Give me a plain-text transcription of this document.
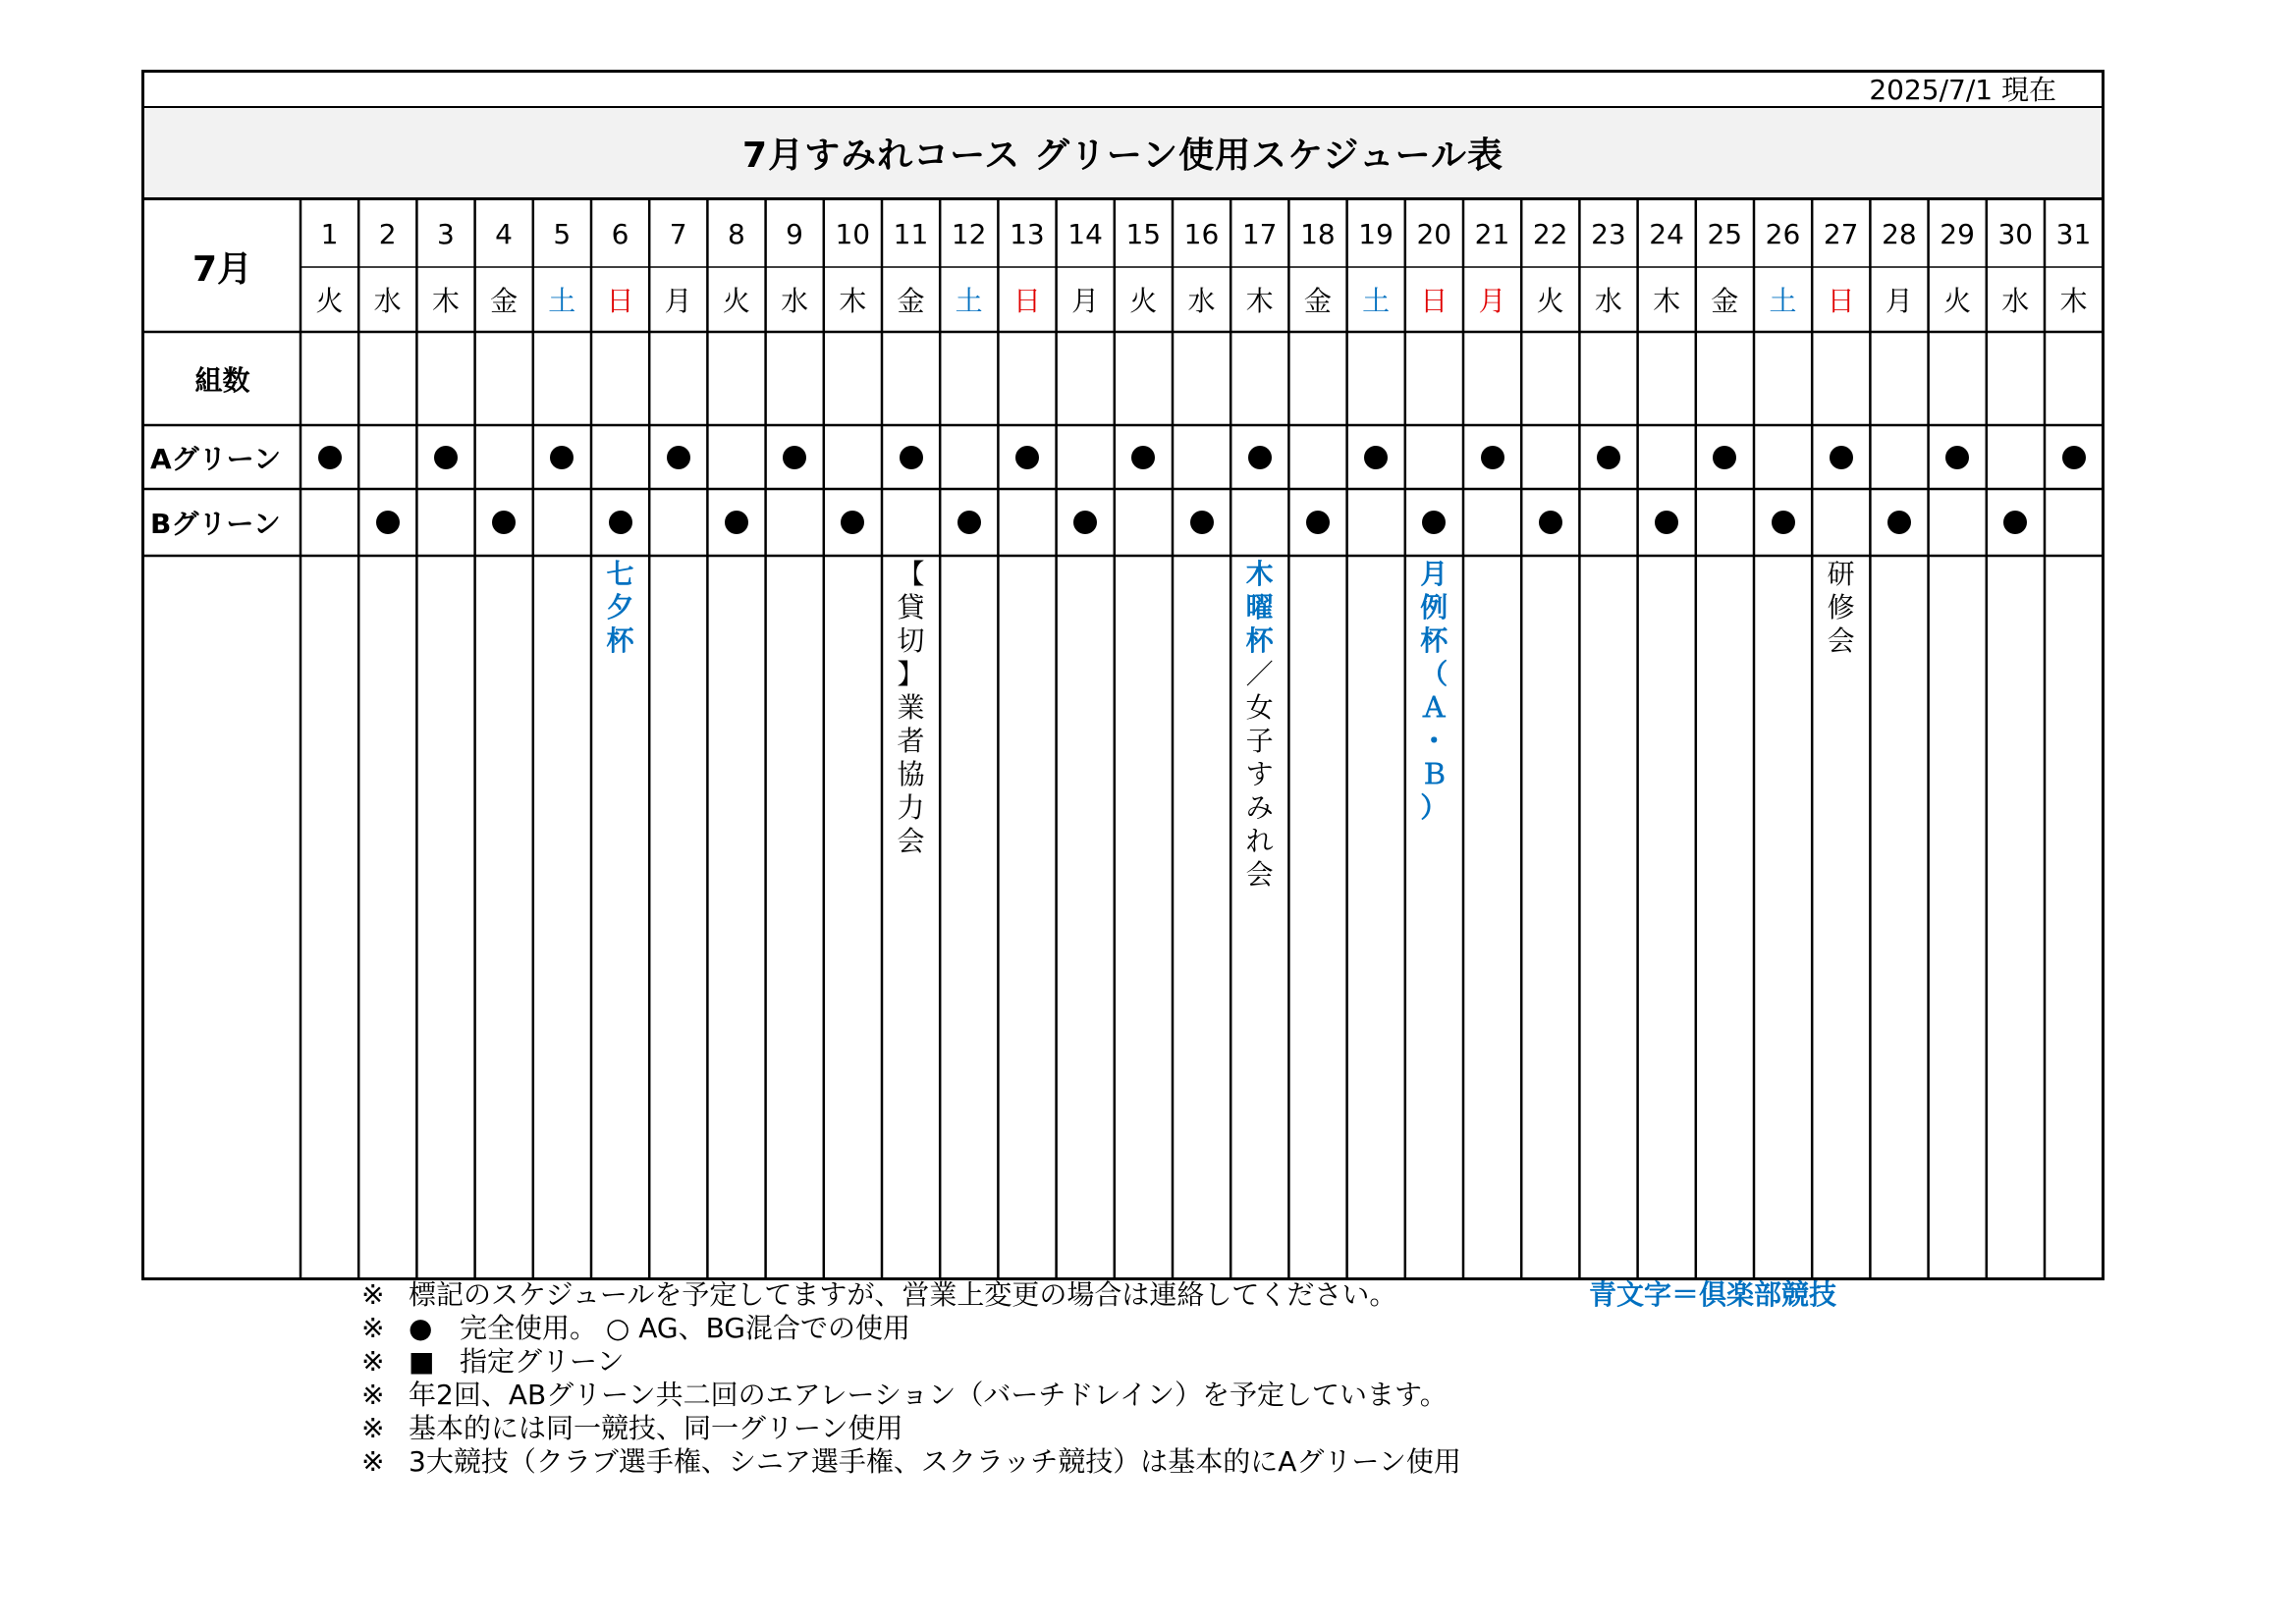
2025/7/1 現在
7月すみれコース グリーン使用スケジュール表
7月
組数
Aグリーン
Bグリーン
1
火
2
水
3
木
4
金
5
土
6
日
7
月
8
火
9
水
10
木
11
金
12
土
13
日
14
月
15
火
16
水
17
木
18
金
19
土
20
日
21
月
22
火
23
水
24
木
25
金
26
土
27
日
28
月
29
火
30
水
31
木
七
夕
杯
【
貸
切
】
業
者
協
力
会
木
曜
杯
／
女
子
す
み
れ
会
月
例
杯
（
Ａ
・
Ｂ
）
研
修
会
※ 標記のスケジュールを予定してますが、営業上変更の場合は連絡してください。
※ ● 完全使用。 ○ AG、BG混合での使用
※ ■ 指定グリーン
※ 年2回、ABグリーン共二回のエアレーション（バーチドレイン）を予定しています。
※ 基本的には同一競技、同一グリーン使用
※ 3大競技（クラブ選手権、シニア選手権、スクラッチ競技）は基本的にAグリーン使用
青文字＝倶楽部競技
